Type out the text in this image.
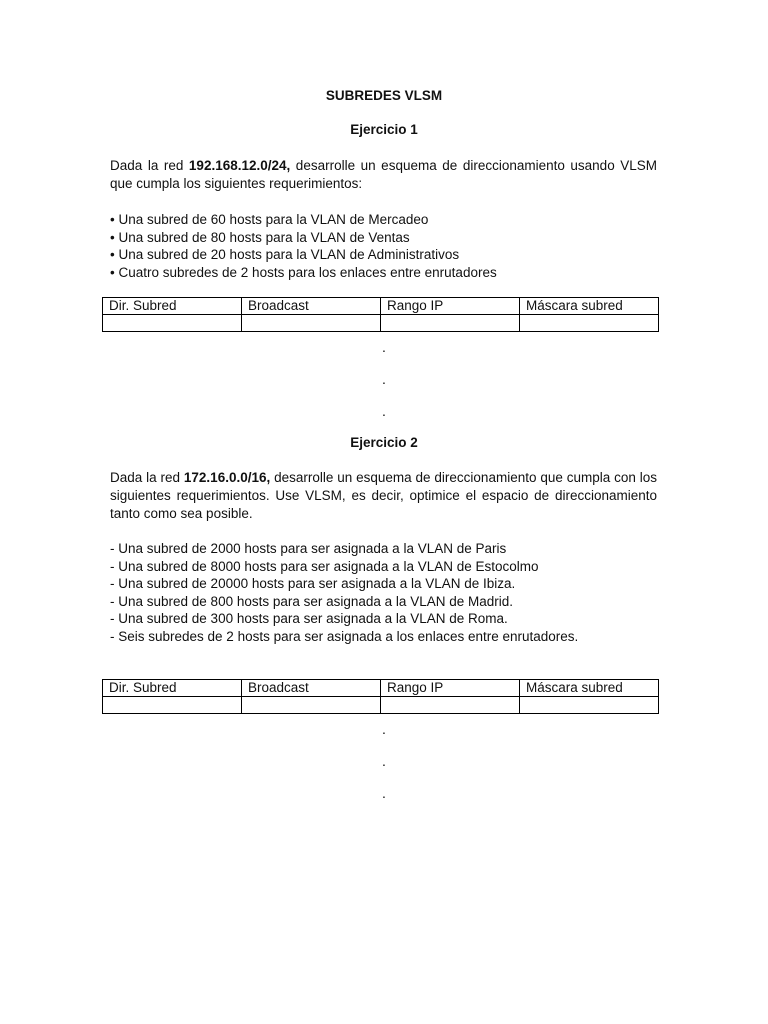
SUBREDES VLSM
Ejercicio 1

Dada la red 192.168.12.0/24, desarrolle un esquema de direccionamiento usando VLSM que cumpla los siguientes requerimientos:

• Una subred de 60 hosts para la VLAN de Mercadeo
• Una subred de 80 hosts para la VLAN de Ventas
• Una subred de 20 hosts para la VLAN de Administrativos
• Cuatro subredes de 2 hosts para los enlaces entre enrutadores
Dir. Subred	Broadcast	Rango IP	Máscara subred

.
.
.
Ejercicio 2

Dada la red 172.16.0.0/16, desarrolle un esquema de direccionamiento que cumpla con los siguientes requerimientos. Use VLSM, es decir, optimice el espacio de direccionamiento tanto como sea posible.

- Una subred de 2000 hosts para ser asignada a la VLAN de Paris
- Una subred de 8000 hosts para ser asignada a la VLAN de Estocolmo
- Una subred de 20000 hosts para ser asignada a la VLAN de Ibiza.
- Una subred de 800 hosts para ser asignada a la VLAN de Madrid.
- Una subred de 300 hosts para ser asignada a la VLAN de Roma.
- Seis subredes de 2 hosts para ser asignada a los enlaces entre enrutadores.
Dir. Subred	Broadcast	Rango IP	Máscara subred

.
.
.
